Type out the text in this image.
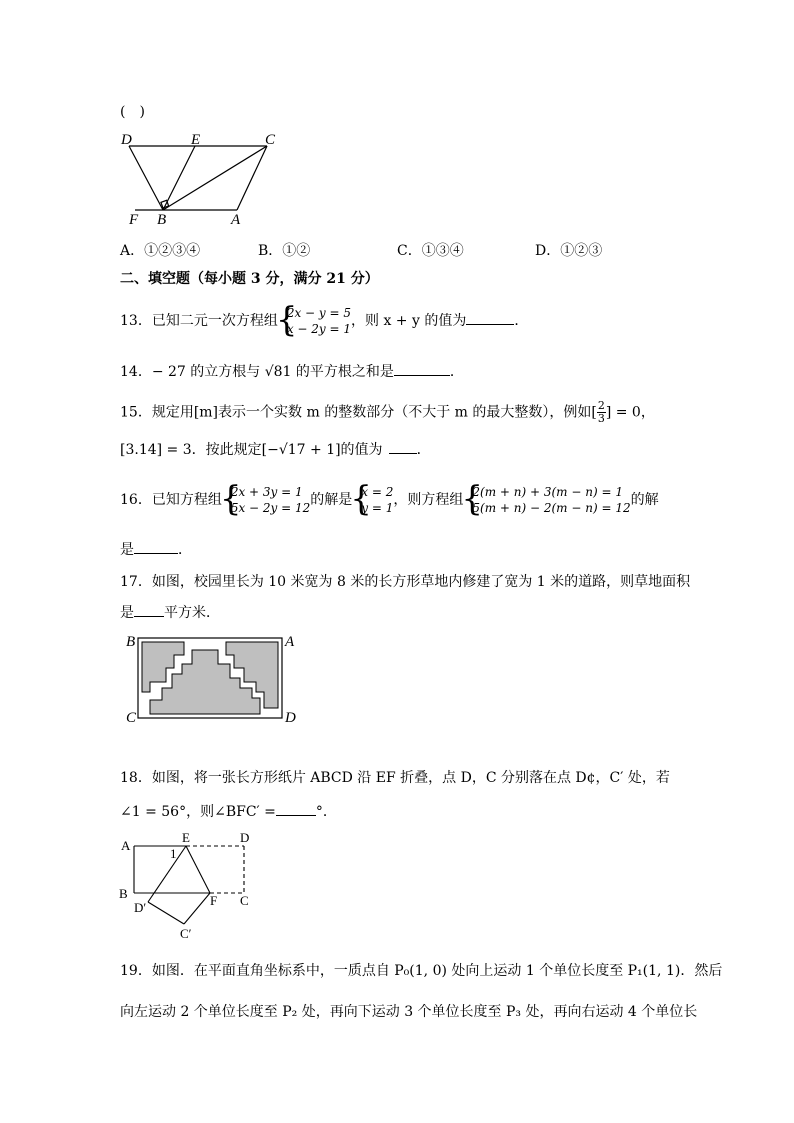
(　)
D	E	C
F B	A
A．①②③④	B．①②	C．①③④	D．①②③
二、填空题（每小题 3 分，满分 21 分）
13．已知二元一次方程组 { 2x − y = 5
x − 2y = 1 ，则 x + y 的值为	．
14．− 27 的立方根与 √81 的平方根之和是	．
15．规定用[m]表示一个实数 m 的整数部分（不大于 m 的最大整数），例如[ $\frac{2}{3}$ ] = 0，
[3.14] = 3．按此规定[−√17 + 1]的值为 ．
16．已知方程组 { 2x + 3y = 1
5x − 2y = 12 的解是 { x = 2
y = 1 ，则方程组 { 2(m + n) + 3(m − n) = 1
5(m + n) − 2(m − n) = 12 的解
是	．
17．如图，校园里长为 10 米宽为 8 米的长方形草地内修建了宽为 1 米的道路，则草地面积
是 平方米．
B	A
C	D
18．如图，将一张长方形纸片 ABCD 沿 EF 折叠，点 D，C 分别落在点 D¢，C′ 处，若
∠1 = 56°，则∠BFC′ =	°．
A
E	D
1
B
D′	F C
C′
19．如图．在平面直角坐标系中，一质点自 P₀(1, 0) 处向上运动 1 个单位长度至 P₁(1, 1)．然后
向左运动 2 个单位长度至 P₂ 处，再向下运动 3 个单位长度至 P₃ 处，再向右运动 4 个单位长
